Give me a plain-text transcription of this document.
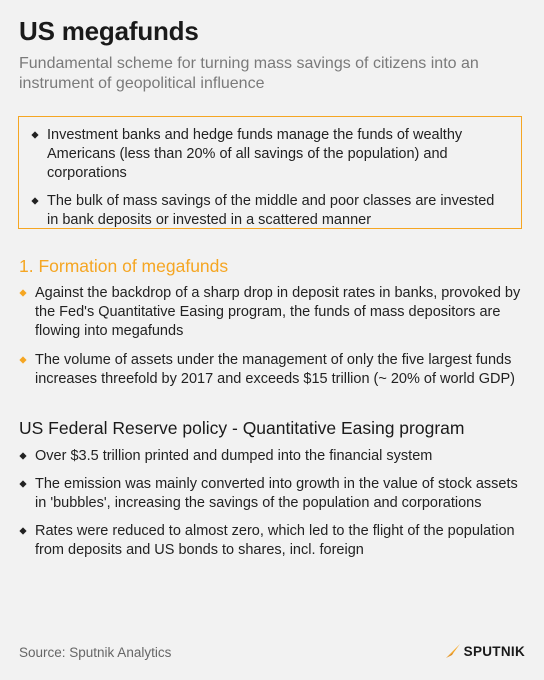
US megafunds
Fundamental scheme for turning mass savings of citizens into an instrument of geopolitical influence
Investment banks and hedge funds manage the funds of wealthy Americans (less than 20% of all savings of the population) and corporations
The bulk of mass savings of the middle and poor classes are invested in bank deposits or invested in a scattered manner
1. Formation of megafunds
Against the backdrop of a sharp drop in deposit rates in banks, provoked by the Fed's Quantitative Easing program, the funds of mass depositors are flowing into megafunds
The volume of assets under the management of only the five largest funds increases threefold by 2017 and exceeds $15 trillion (~ 20% of world GDP)
US Federal Reserve policy - Quantitative Easing program
Over $3.5 trillion printed and dumped into the financial system
The emission was mainly converted into growth in the value of stock assets in 'bubbles', increasing the savings of the population and corporations
Rates were reduced to almost zero, which led to the flight of the population from deposits and US bonds to shares, incl. foreign
Source: Sputnik Analytics	SPUTNIK
